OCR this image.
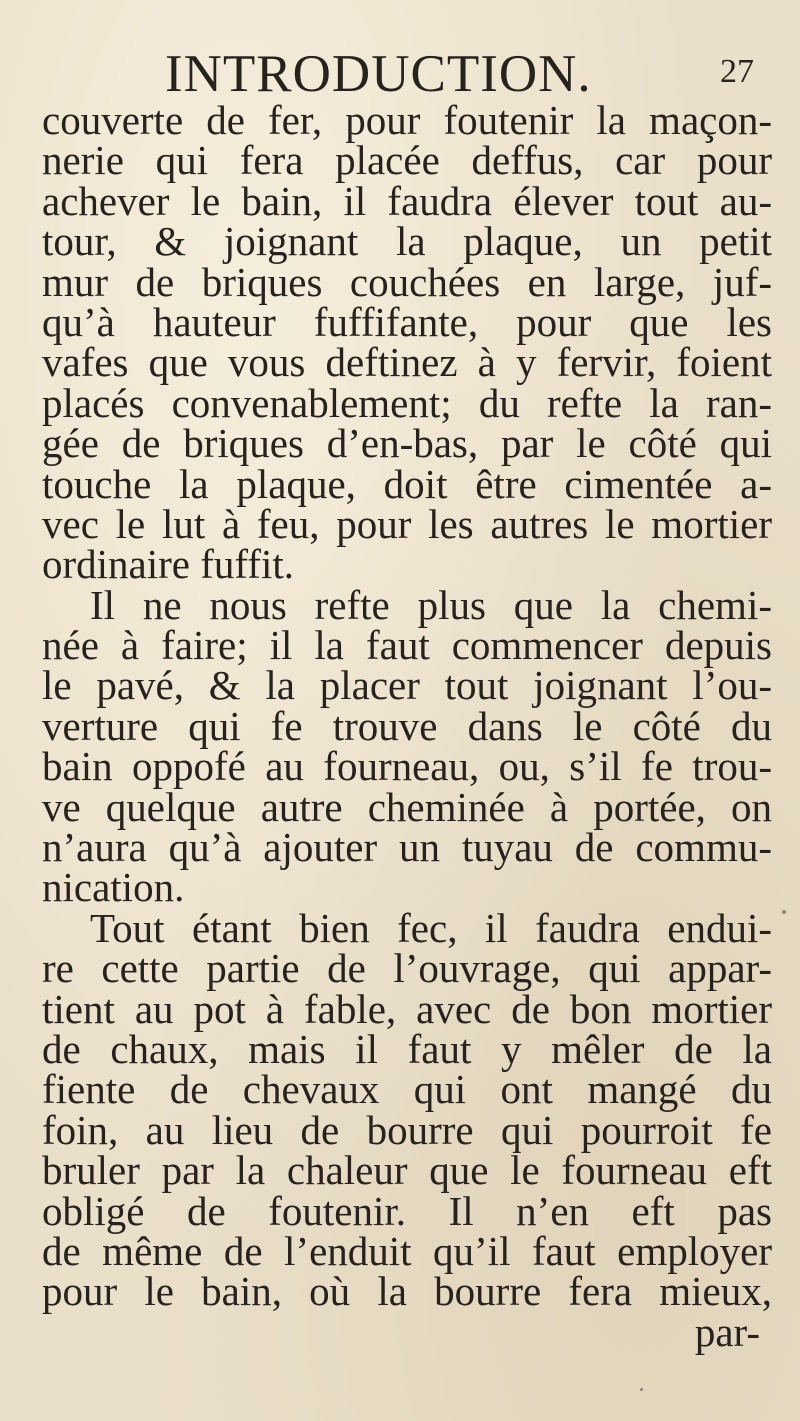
INTRODUCTION.	27
couverte de fer, pour foutenir la maçon-
nerie qui fera placée deffus, car pour
achever le bain, il faudra élever tout au-
tour, & joignant la plaque, un petit
mur de briques couchées en large, juf-
qu’à hauteur fuffifante, pour que les
vafes que vous deftinez à y fervir, foient
placés convenablement; du refte la ran-
gée de briques d’en-bas, par le côté qui
touche la plaque, doit être cimentée a-
vec le lut à feu, pour les autres le mortier
ordinaire fuffit.
Il ne nous refte plus que la chemi-
née à faire; il la faut commencer depuis
le pavé, & la placer tout joignant l’ou-
verture qui fe trouve dans le côté du
bain oppofé au fourneau, ou, s’il fe trou-
ve quelque autre cheminée à portée, on
n’aura qu’à ajouter un tuyau de commu-
nication.
Tout étant bien fec, il faudra endui-
re cette partie de l’ouvrage, qui appar-
tient au pot à fable, avec de bon mortier
de chaux, mais il faut y mêler de la
fiente de chevaux qui ont mangé du
foin, au lieu de bourre qui pourroit fe
bruler par la chaleur que le fourneau eft
obligé de foutenir. Il n’en eft pas
de même de l’enduit qu’il faut employer
pour le bain, où la bourre fera mieux,
par-
